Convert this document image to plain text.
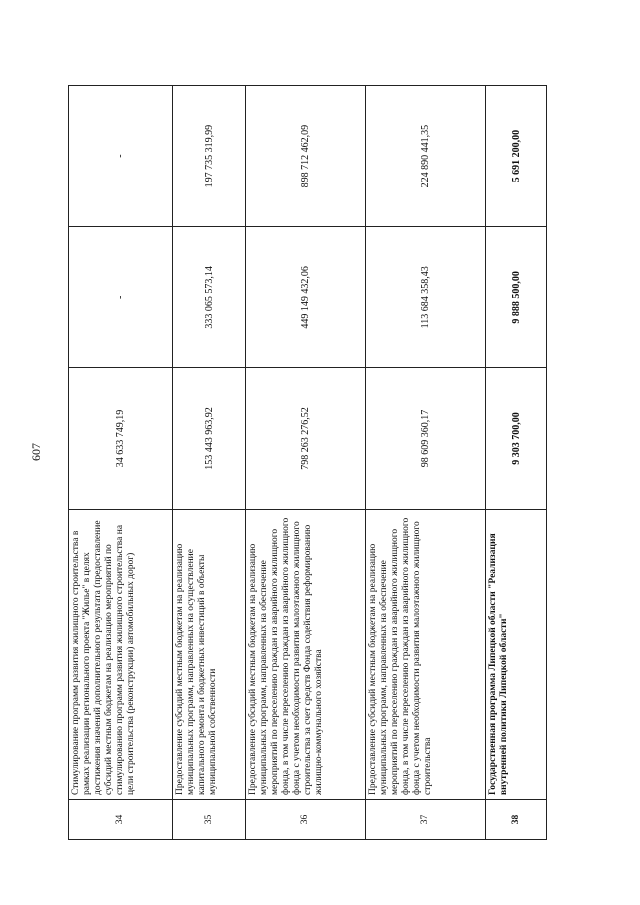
607
34	Стимулирование программ развития жилищного строительства в рамках реализации регионального проекта "Жилье" в целях достижения значений дополнительного результата (предоставление субсидий местным бюджетам на реализацию мероприятий по стимулированию программ развития жилищного строительства на цели строительства (реконструкции) автомобильных дорог)	34 633 749,19	-	-
35	Предоставление субсидий местным бюджетам на реализацию муниципальных программ, направленных на осуществление капитального ремонта и бюджетных инвестиций в объекты муниципальной собственности	153 443 963,92	333 065 573,14	197 735 319,99
36	Предоставление субсидий местным бюджетам на реализацию муниципальных программ, направленных на обеспечение мероприятий по переселению граждан из аварийного жилищного фонда, в том числе переселению граждан из аварийного жилищного фонда с учетом необходимости развития малоэтажного жилищного строительства за счет средств Фонда содействия реформированию жилищно-коммунального хозяйства	798 263 276,52	449 149 432,06	898 712 462,09
37	Предоставление субсидий местным бюджетам на реализацию муниципальных программ, направленных на обеспечение мероприятий по переселению граждан из аварийного жилищного фонда, в том числе переселению граждан из аварийного жилищного фонда с учетом необходимости развития малоэтажного жилищного строительства	98 609 360,17	113 684 358,43	224 890 441,35
38	Государственная программа Липецкой области "Реализация внутренней политики Липецкой области"	9 303 700,00	9 888 500,00	5 691 200,00
